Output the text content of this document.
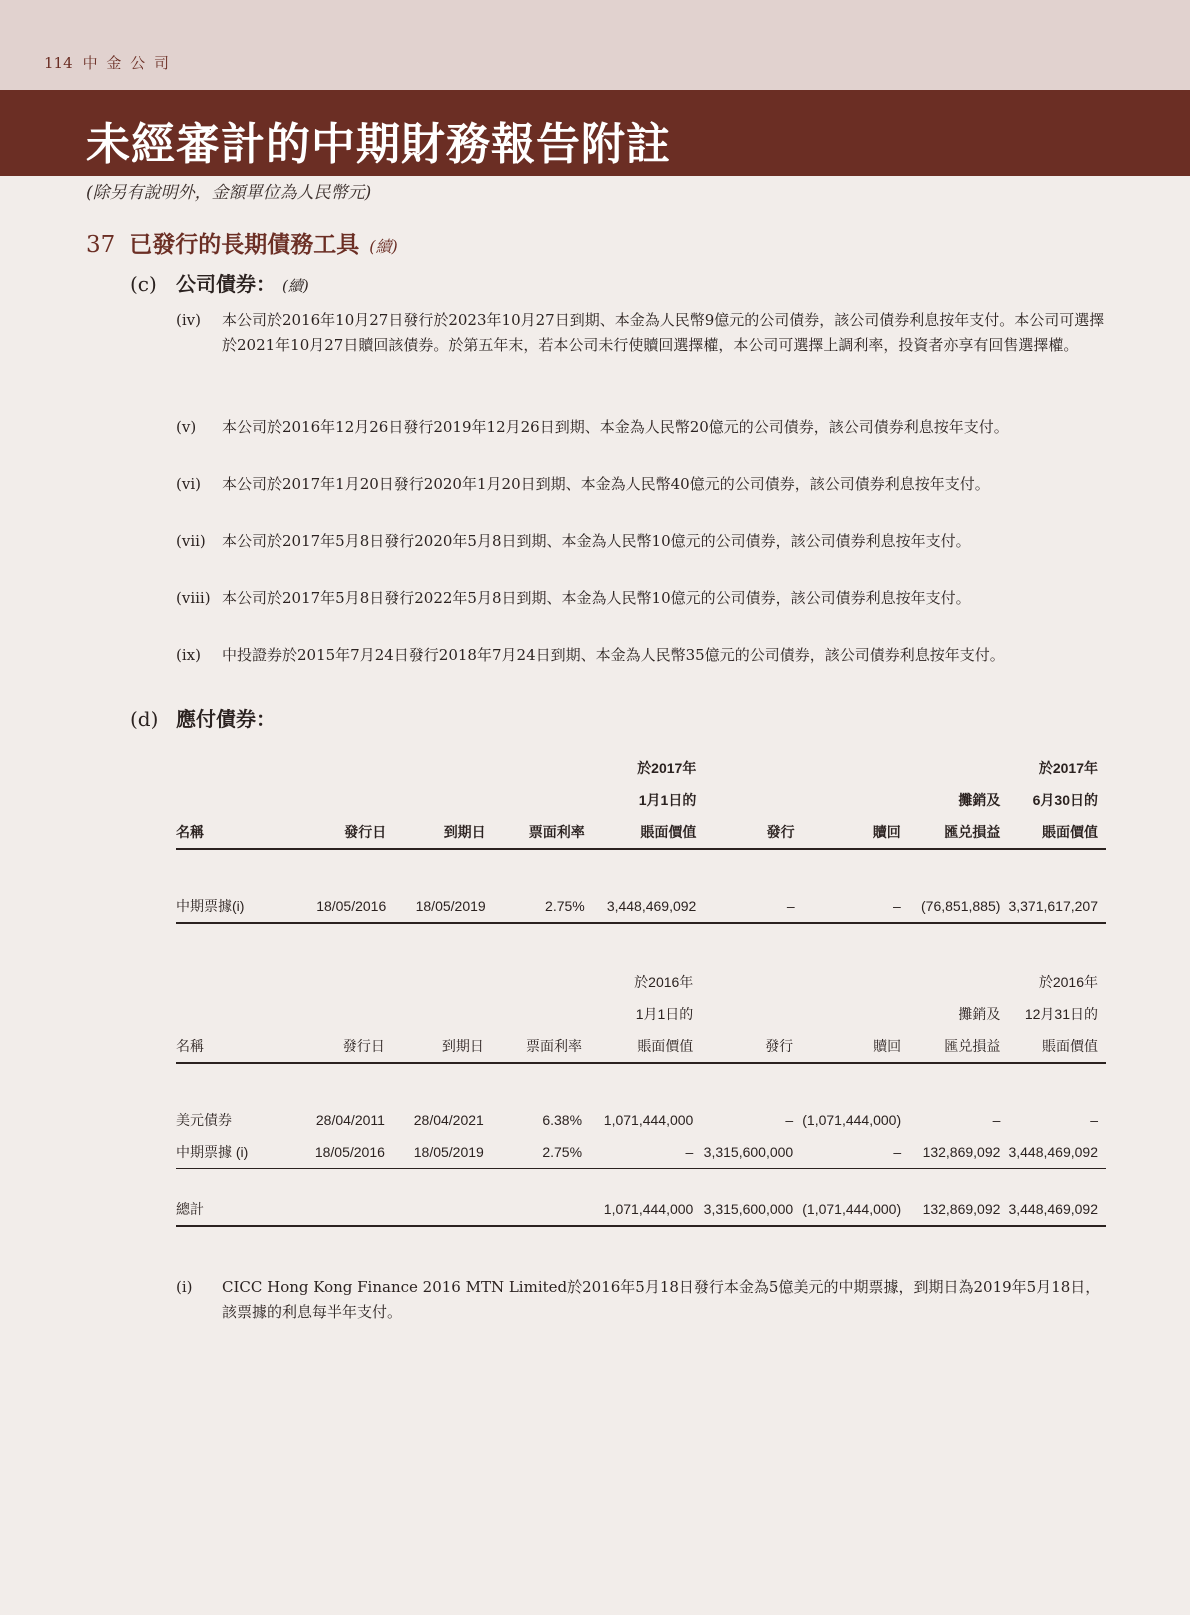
114 中 金 公 司
未經審計的中期財務報告附註
(除另有說明外，金額單位為人民幣元)
37 已發行的長期債務工具 (續)
(c) 公司債券： (續)
(iv)	本公司於2016年10月27日發行於2023年10月27日到期、本金為人民幣9億元的公司債券，該公司債券利息按年支付。本公司可選擇於2021年10月27日贖回該債券。於第五年末，若本公司未行使贖回選擇權，本公司可選擇上調利率，投資者亦享有回售選擇權。
(v)	本公司於2016年12月26日發行2019年12月26日到期、本金為人民幣20億元的公司債券，該公司債券利息按年支付。
(vi)	本公司於2017年1月20日發行2020年1月20日到期、本金為人民幣40億元的公司債券，該公司債券利息按年支付。
(vii)	本公司於2017年5月8日發行2020年5月8日到期、本金為人民幣10億元的公司債券，該公司債券利息按年支付。
(viii) 本公司於2017年5月8日發行2022年5月8日到期、本金為人民幣10億元的公司債券，該公司債券利息按年支付。
(ix)	中投證券於2015年7月24日發行2018年7月24日到期、本金為人民幣35億元的公司債券，該公司債券利息按年支付。
(d) 應付債券：
				於2017年				於2017年
				1月1日的			攤銷及	6月30日的
名稱	發行日	到期日	票面利率	賬面價值	發行	贖回	匯兑損益	賬面價值

中期票據(i)	18/05/2016	18/05/2019	2.75%	3,448,469,092	–	–	(76,851,885)	3,371,617,207
				於2016年				於2016年
				1月1日的			攤銷及	12月31日的
名稱	發行日	到期日	票面利率	賬面價值	發行	贖回	匯兑損益	賬面價值

美元債券	28/04/2011	28/04/2021	6.38%	1,071,444,000	–	(1,071,444,000)	–	–
中期票據 (i)	18/05/2016	18/05/2019	2.75%	–	3,315,600,000	–	132,869,092	3,448,469,092

總計				1,071,444,000	3,315,600,000	(1,071,444,000)	132,869,092	3,448,469,092
(i)	CICC Hong Kong Finance 2016 MTN Limited於2016年5月18日發行本金為5億美元的中期票據，到期日為2019年5月18日，該票據的利息每半年支付。
